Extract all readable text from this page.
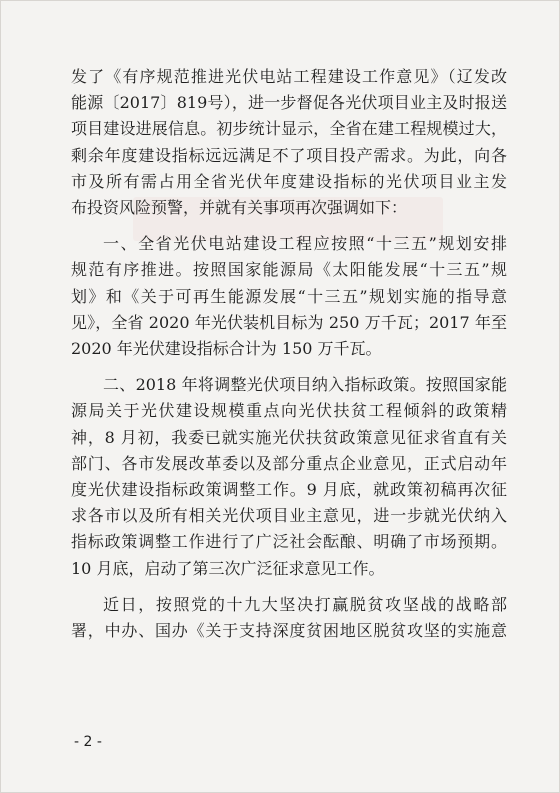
发了《有序规范推进光伏电站工程建设工作意见》（辽发改
能源〔2017〕819号），进一步督促各光伏项目业主及时报送
项目建设进展信息。初步统计显示，全省在建工程规模过大，
剩余年度建设指标远远满足不了项目投产需求。为此，向各
市及所有需占用全省光伏年度建设指标的光伏项目业主发
布投资风险预警，并就有关事项再次强调如下：
一、全省光伏电站建设工程应按照“十三五”规划安排
规范有序推进。按照国家能源局《太阳能发展“十三五”规
划》和《关于可再生能源发展“十三五”规划实施的指导意
见》，全省 2020 年光伏装机目标为 250 万千瓦；2017 年至
2020 年光伏建设指标合计为 150 万千瓦。
二、2018 年将调整光伏项目纳入指标政策。按照国家能
源局关于光伏建设规模重点向光伏扶贫工程倾斜的政策精
神，8 月初，我委已就实施光伏扶贫政策意见征求省直有关
部门、各市发展改革委以及部分重点企业意见，正式启动年
度光伏建设指标政策调整工作。9 月底，就政策初稿再次征
求各市以及所有相关光伏项目业主意见，进一步就光伏纳入
指标政策调整工作进行了广泛社会酝酿、明确了市场预期。
10 月底，启动了第三次广泛征求意见工作。
近日，按照党的十九大坚决打赢脱贫攻坚战的战略部
署，中办、国办《关于支持深度贫困地区脱贫攻坚的实施意
- 2 -
